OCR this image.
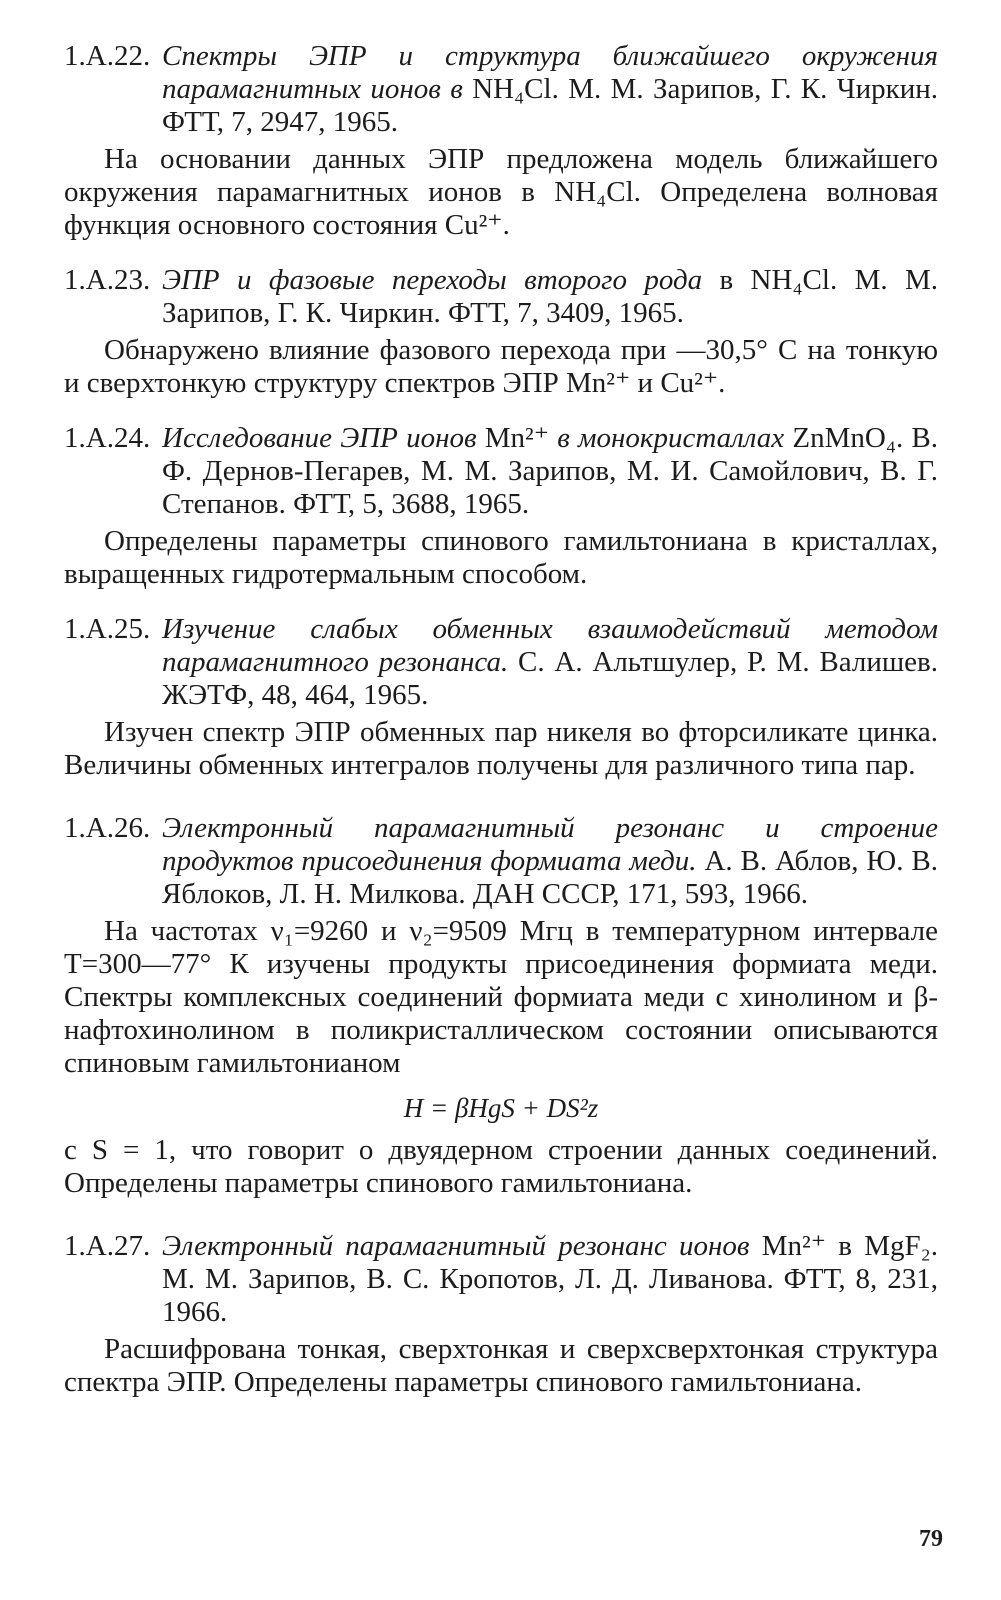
1.A.22. Спектры ЭПР и структура ближайшего окружения парамагнитных ионов в NH₄Cl. М. М. Зарипов, Г. К. Чиркин. ФТТ, 7, 2947, 1965.
На основании данных ЭПР предложена модель ближайшего окружения парамагнитных ионов в NH₄Cl. Определена волновая функция основного состояния Cu²⁺.
1.A.23. ЭПР и фазовые переходы второго рода в NH₄Cl. М. М. Зарипов, Г. К. Чиркин. ФТТ, 7, 3409, 1965.
Обнаружено влияние фазового перехода при —30,5° С на тонкую и сверхтонкую структуру спектров ЭПР Mn²⁺ и Cu²⁺.
1.A.24. Исследование ЭПР ионов Mn²⁺ в монокристаллах ZnMnO₄. В. Ф. Дернов-Пегарев, М. М. Зарипов, М. И. Самойлович, В. Г. Степанов. ФТТ, 5, 3688, 1965.
Определены параметры спинового гамильтониана в кристаллах, выращенных гидротермальным способом.
1.A.25. Изучение слабых обменных взаимодействий методом парамагнитного резонанса. С. А. Альтшулер, Р. М. Валишев. ЖЭТФ, 48, 464, 1965.
Изучен спектр ЭПР обменных пар никеля во фторсиликате цинка. Величины обменных интегралов получены для различного типа пар.
1.A.26. Электронный парамагнитный резонанс и строение продуктов присоединения формиата меди. А. В. Аблов, Ю. В. Яблоков, Л. Н. Милкова. ДАН СССР, 171, 593, 1966.
На частотах ν₁=9260 и ν₂=9509 Мгц в температурном интервале T=300—77° К изучены продукты присоединения формиата меди. Спектры комплексных соединений формиата меди с хинолином и β-нафтохинолином в поликристаллическом состоянии описываются спиновым гамильтонианом
H = βHgS + DS²z
с S = 1, что говорит о двуядерном строении данных соединений. Определены параметры спинового гамильтониана.
1.A.27. Электронный парамагнитный резонанс ионов Mn²⁺ в MgF₂. М. М. Зарипов, В. С. Кропотов, Л. Д. Ливанова. ФТТ, 8, 231, 1966.
Расшифрована тонкая, сверхтонкая и сверхсверхтонкая структура спектра ЭПР. Определены параметры спинового гамильтониана.
79
